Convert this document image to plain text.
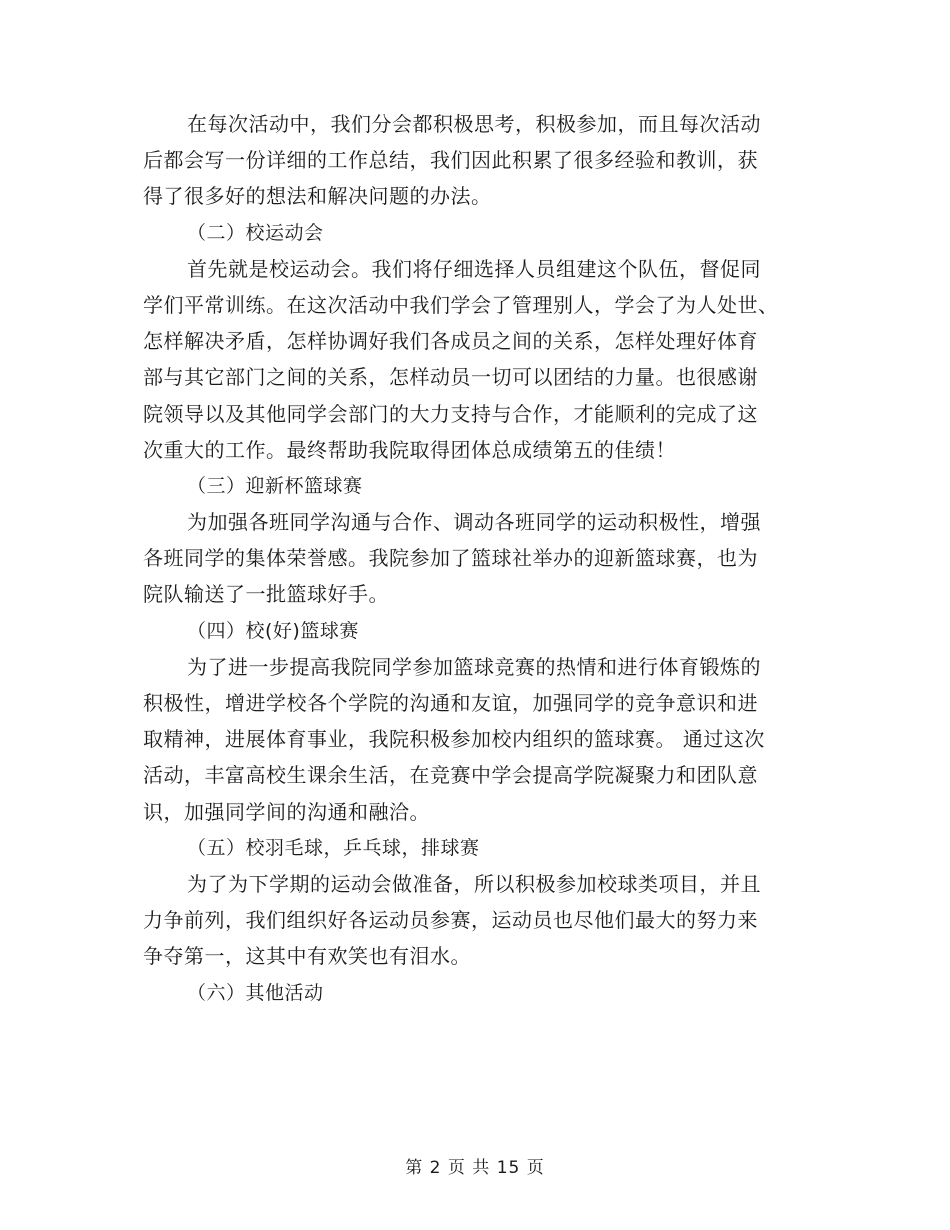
在每次活动中，我们分会都积极思考，积极参加，而且每次活动
后都会写一份详细的工作总结，我们因此积累了很多经验和教训，获
得了很多好的想法和解决问题的办法。
（二）校运动会
首先就是校运动会。我们将仔细选择人员组建这个队伍，督促同
学们平常训练。在这次活动中我们学会了管理别人，学会了为人处世、
怎样解决矛盾，怎样协调好我们各成员之间的关系，怎样处理好体育
部与其它部门之间的关系，怎样动员一切可以团结的力量。也很感谢
院领导以及其他同学会部门的大力支持与合作，才能顺利的完成了这
次重大的工作。最终帮助我院取得团体总成绩第五的佳绩！
（三）迎新杯篮球赛
为加强各班同学沟通与合作、调动各班同学的运动积极性，增强
各班同学的集体荣誉感。我院参加了篮球社举办的迎新篮球赛，也为
院队输送了一批篮球好手。
（四）校(好)篮球赛
为了进一步提高我院同学参加篮球竞赛的热情和进行体育锻炼的
积极性，增进学校各个学院的沟通和友谊，加强同学的竞争意识和进
取精神，进展体育事业，我院积极参加校内组织的篮球赛。 通过这次
活动，丰富高校生课余生活，在竞赛中学会提高学院凝聚力和团队意
识，加强同学间的沟通和融洽。
（五）校羽毛球，乒乓球，排球赛
为了为下学期的运动会做准备，所以积极参加校球类项目，并且
力争前列，我们组织好各运动员参赛，运动员也尽他们最大的努力来
争夺第一，这其中有欢笑也有泪水。
（六）其他活动
第 2 页 共 15 页
